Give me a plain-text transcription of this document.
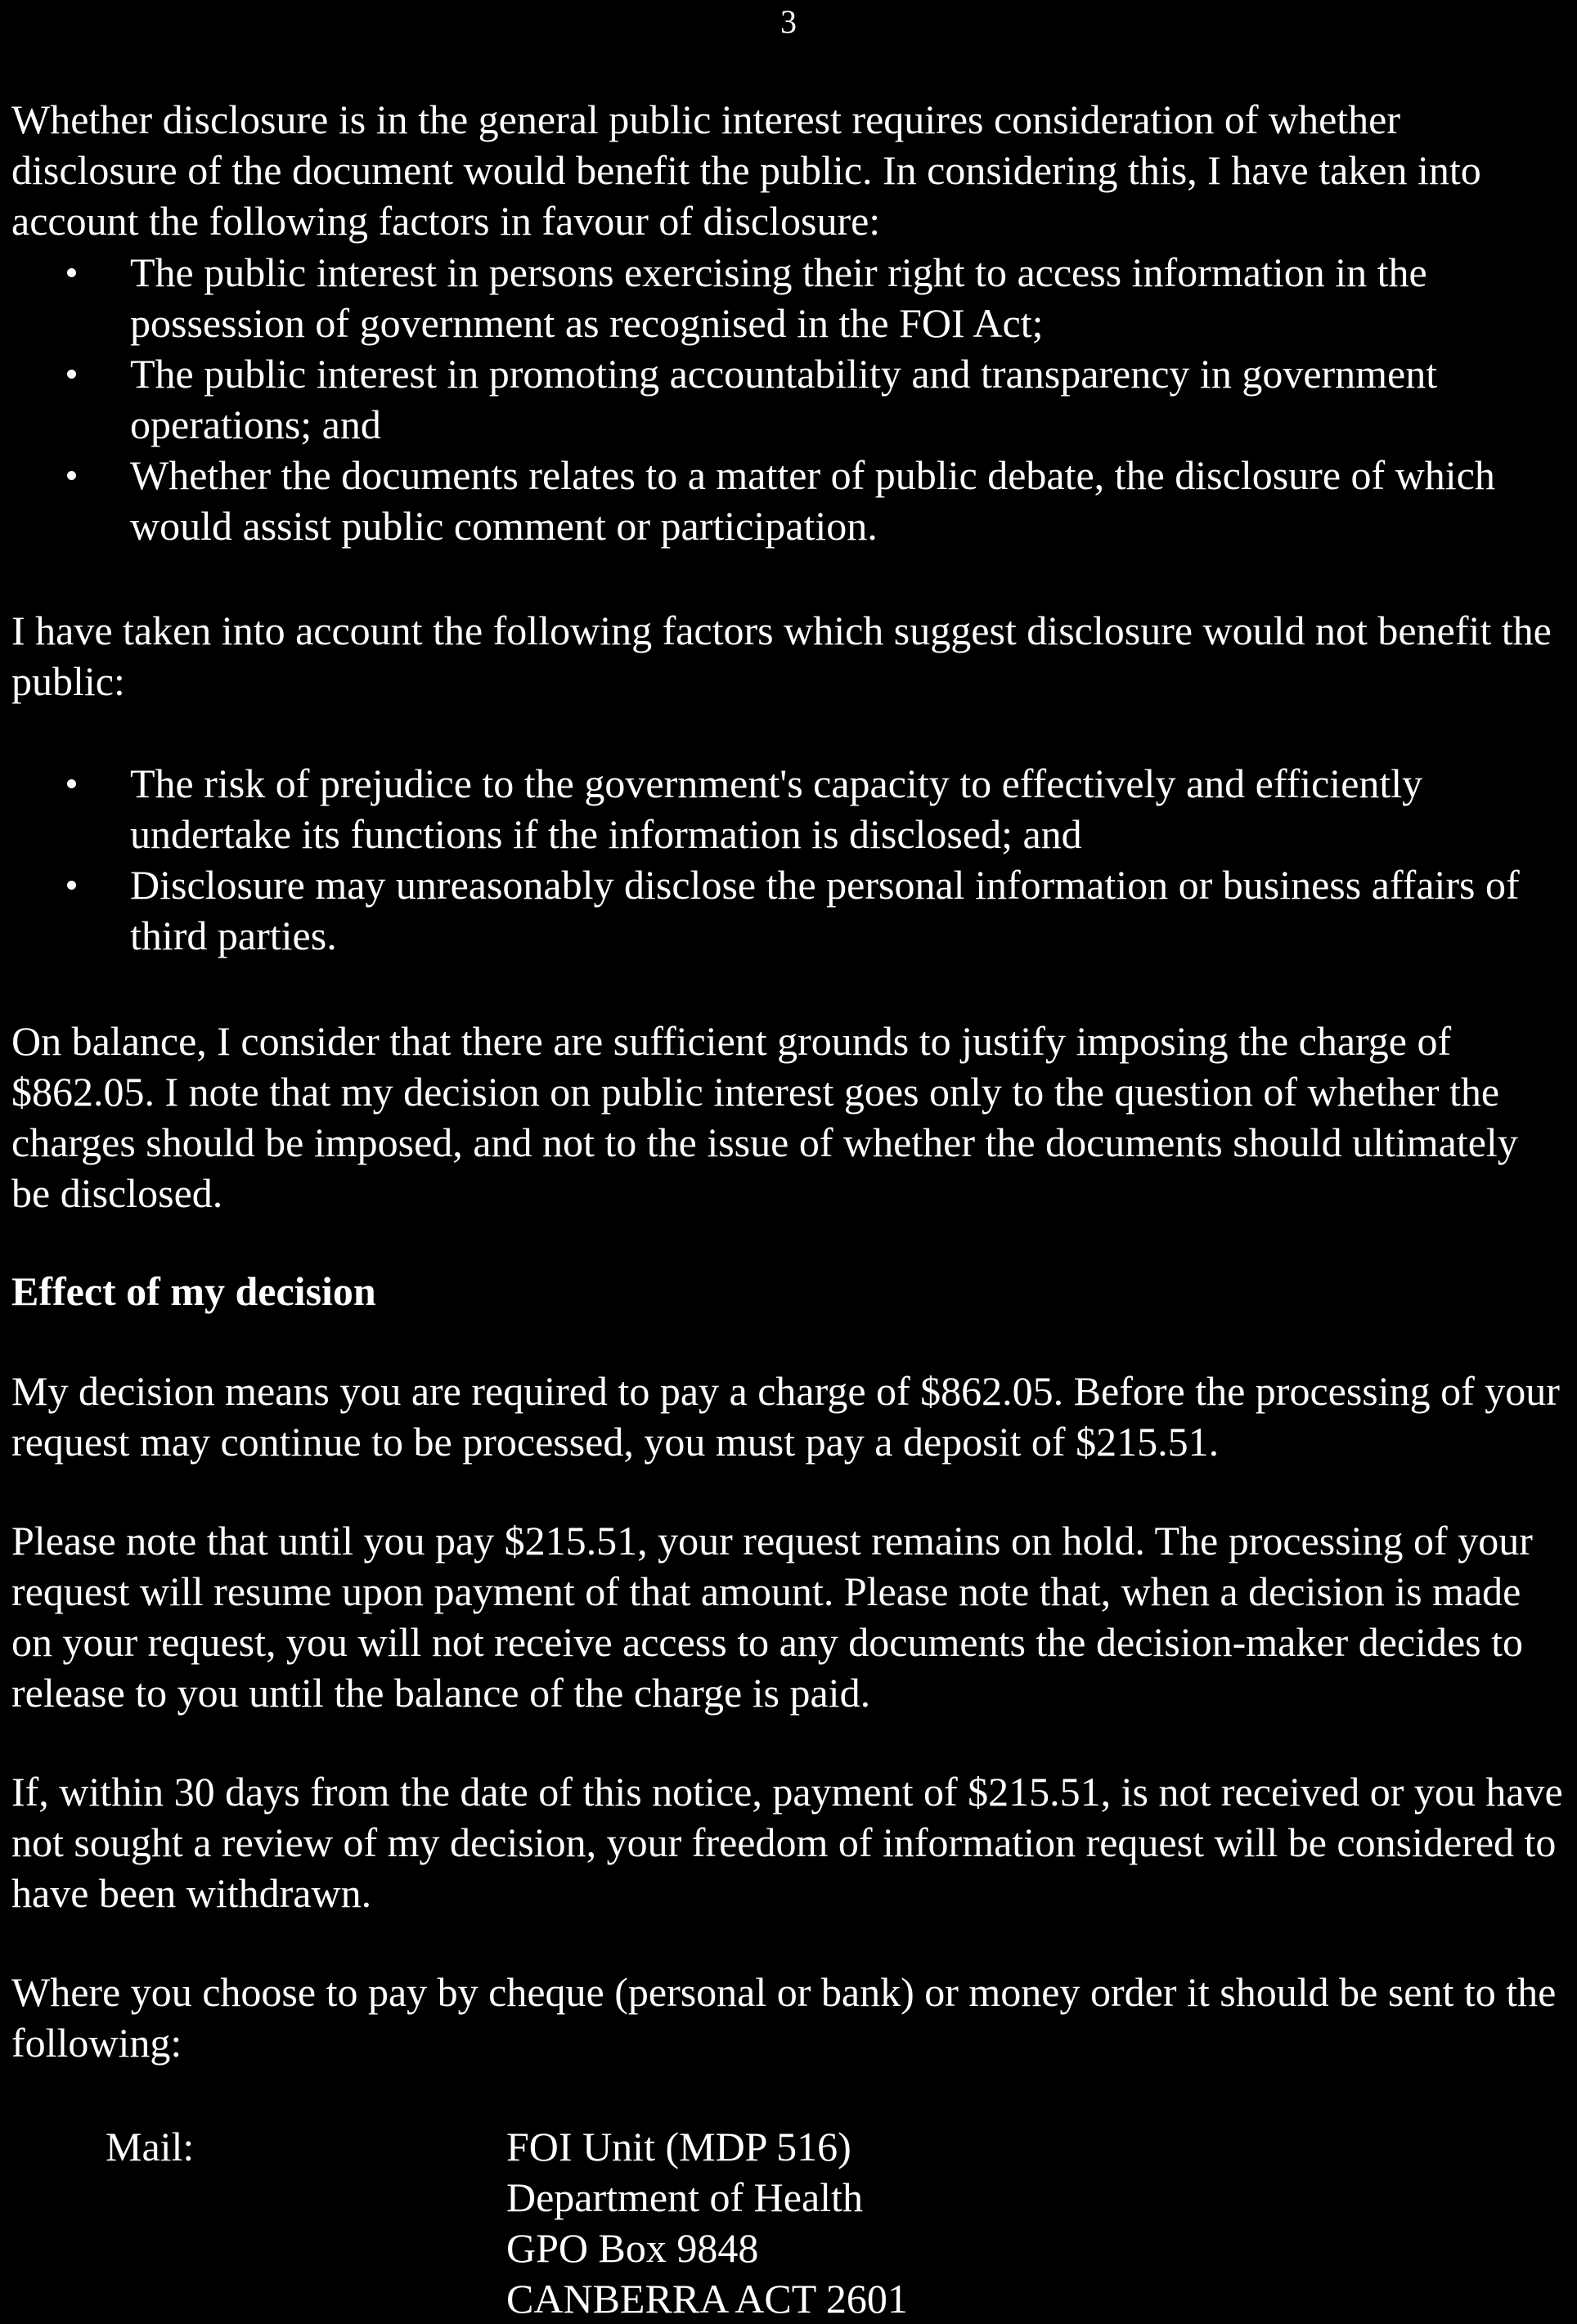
3

Whether disclosure is in the general public interest requires consideration of whether disclosure of the document would benefit the public. In considering this, I have taken into account the following factors in favour of disclosure:

The public interest in persons exercising their right to access information in the possession of government as recognised in the FOI Act;
The public interest in promoting accountability and transparency in government operations; and
Whether the documents relates to a matter of public debate, the disclosure of which would assist public comment or participation.

I have taken into account the following factors which suggest disclosure would not benefit the public:

The risk of prejudice to the government's capacity to effectively and efficiently undertake its functions if the information is disclosed; and
Disclosure may unreasonably disclose the personal information or business affairs of third parties.

On balance, I consider that there are sufficient grounds to justify imposing the charge of $862.05. I note that my decision on public interest goes only to the question of whether the charges should be imposed, and not to the issue of whether the documents should ultimately be disclosed.

Effect of my decision

My decision means you are required to pay a charge of $862.05. Before the processing of your request may continue to be processed, you must pay a deposit of $215.51.

Please note that until you pay $215.51, your request remains on hold. The processing of your request will resume upon payment of that amount. Please note that, when a decision is made on your request, you will not receive access to any documents the decision-maker decides to release to you until the balance of the charge is paid.

If, within 30 days from the date of this notice, payment of $215.51, is not received or you have not sought a review of my decision, your freedom of information request will be considered to have been withdrawn.

Where you choose to pay by cheque (personal or bank) or money order it should be sent to the following:

Mail:	FOI Unit (MDP 516)
Department of Health
GPO Box 9848
CANBERRA ACT 2601
